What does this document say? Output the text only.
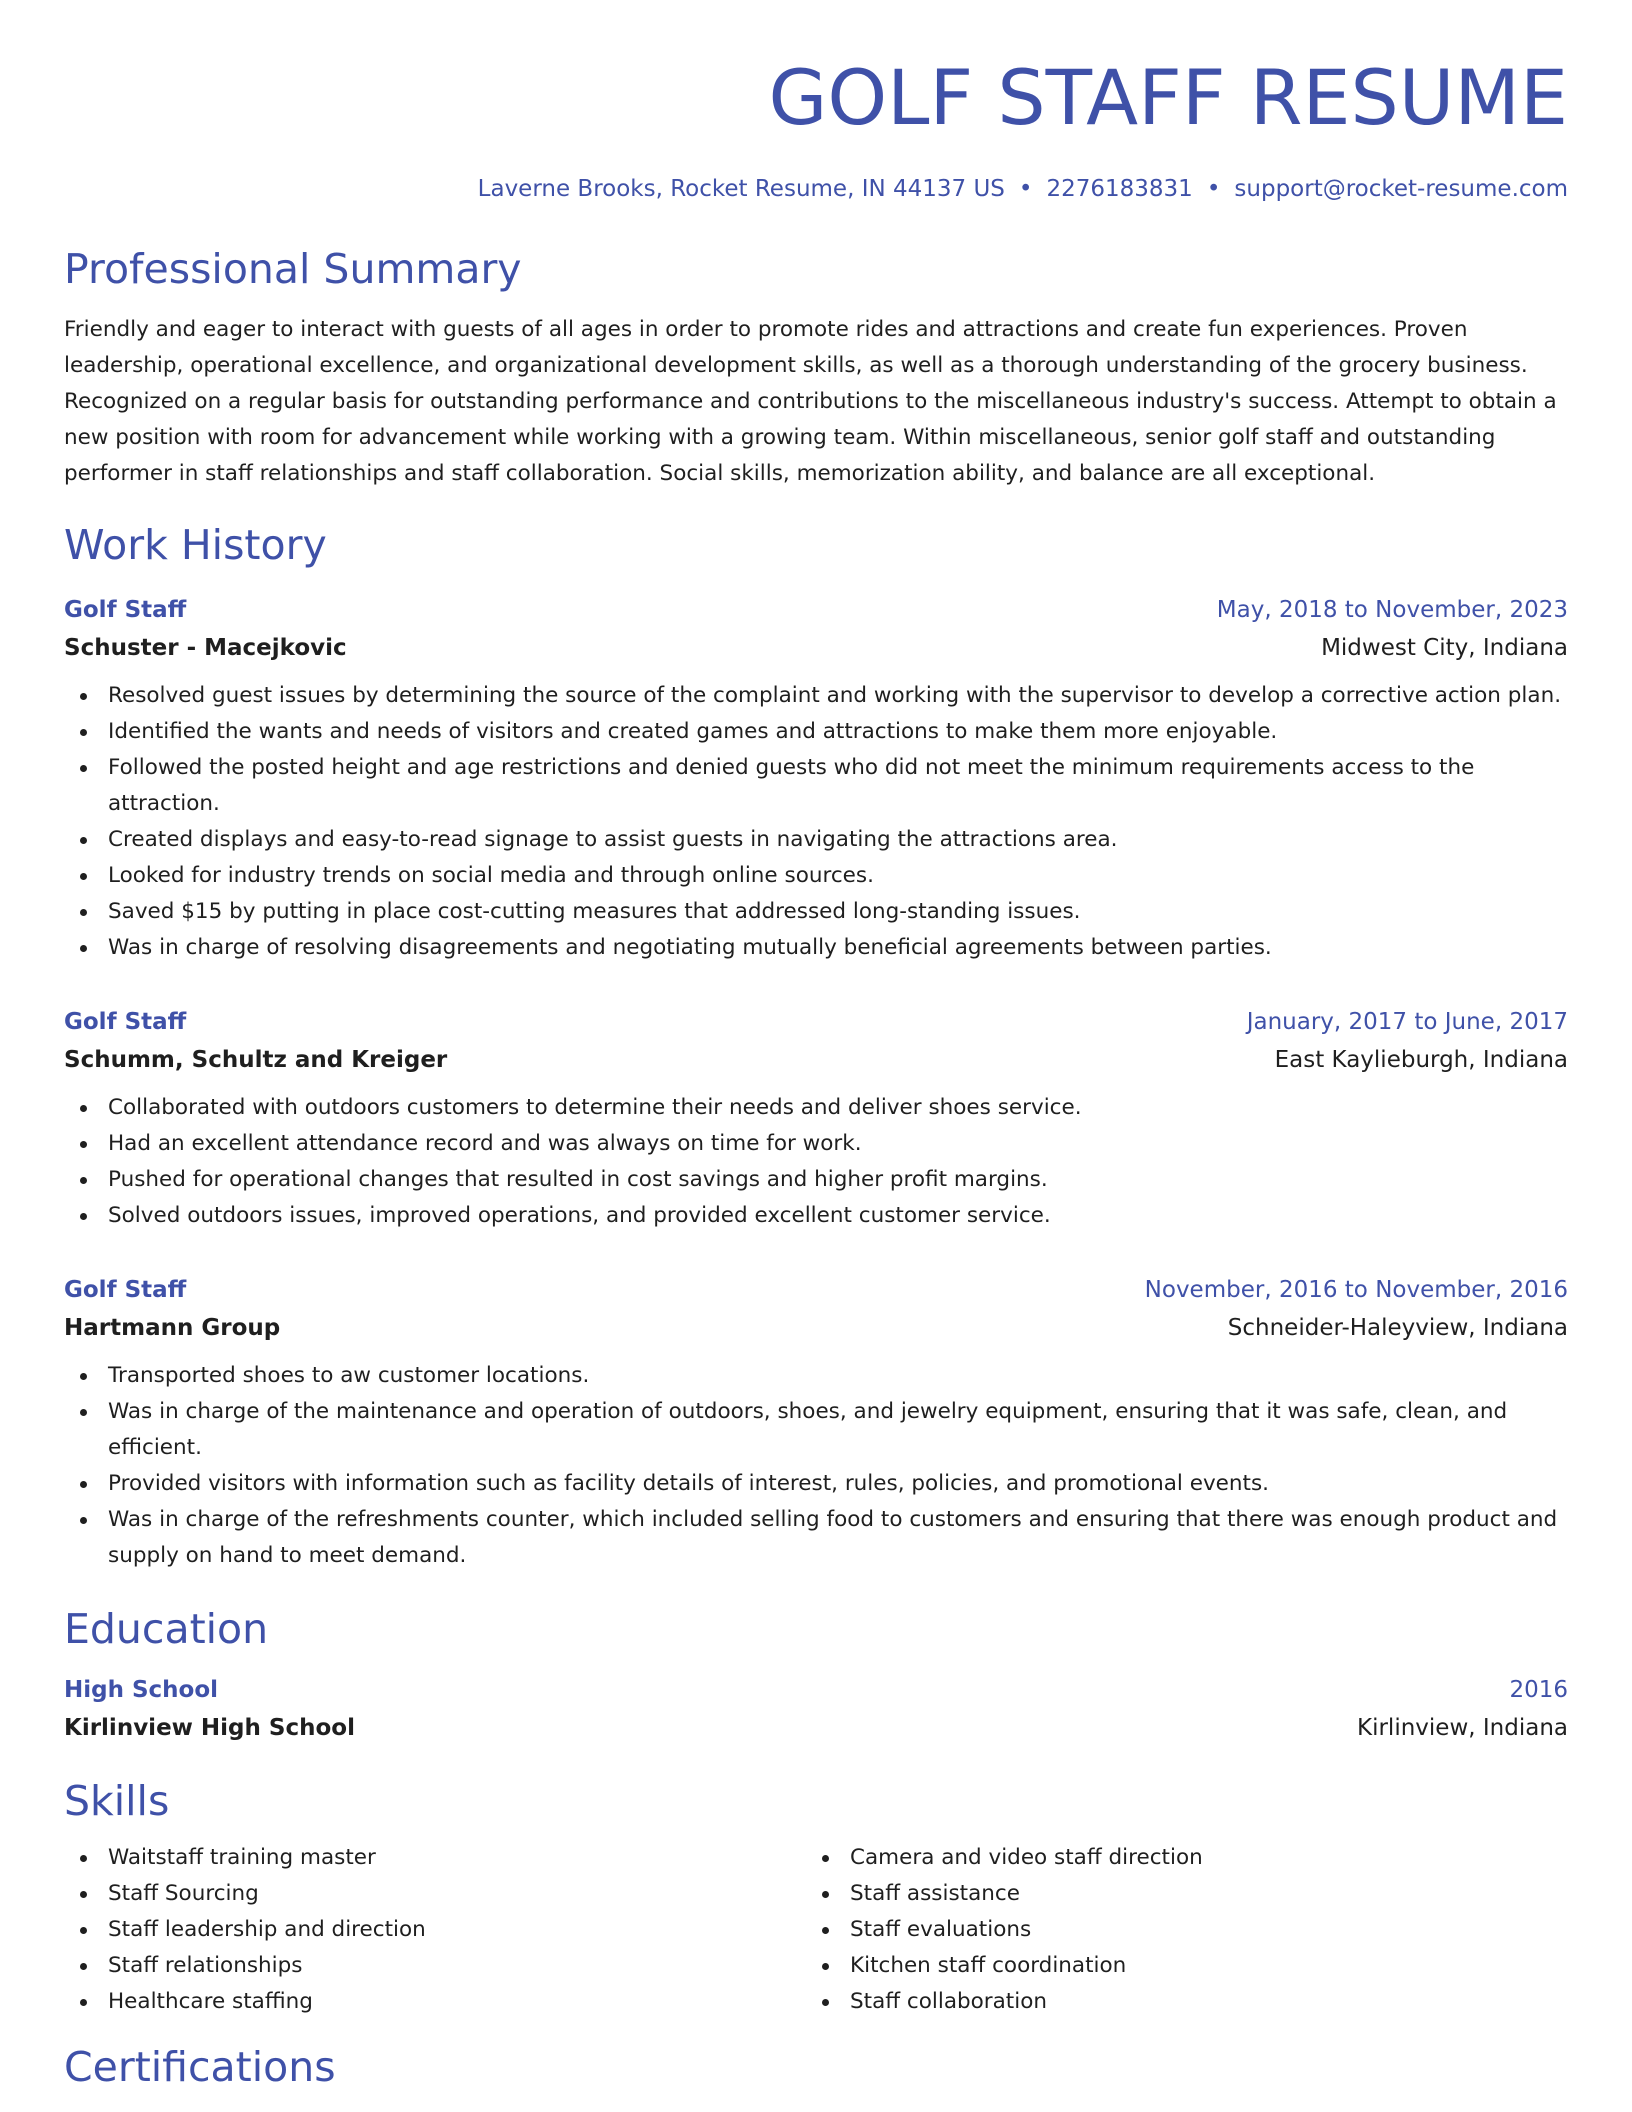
GOLF STAFF RESUME
Laverne Brooks, Rocket Resume, IN 44137 US • 2276183831 • support@rocket-resume.com
Professional Summary

Friendly and eager to interact with guests of all ages in order to promote rides and attractions and create fun experiences. Proven leadership, operational excellence, and organizational development skills, as well as a thorough understanding of the grocery business. Recognized on a regular basis for outstanding performance and contributions to the miscellaneous industry's success. Attempt to obtain a new position with room for advancement while working with a growing team. Within miscellaneous, senior golf staff and outstanding performer in staff relationships and staff collaboration. Social skills, memorization ability, and balance are all exceptional.

Work History
Golf Staff	May, 2018 to November, 2023
Schuster - Macejkovic	Midwest City, Indiana
Resolved guest issues by determining the source of the complaint and working with the supervisor to develop a corrective action plan.
Identified the wants and needs of visitors and created games and attractions to make them more enjoyable.
Followed the posted height and age restrictions and denied guests who did not meet the minimum requirements access to the attraction.
Created displays and easy-to-read signage to assist guests in navigating the attractions area.
Looked for industry trends on social media and through online sources.
Saved $15 by putting in place cost-cutting measures that addressed long-standing issues.
Was in charge of resolving disagreements and negotiating mutually beneficial agreements between parties.
Golf Staff	January, 2017 to June, 2017
Schumm, Schultz and Kreiger	East Kaylieburgh, Indiana
Collaborated with outdoors customers to determine their needs and deliver shoes service.
Had an excellent attendance record and was always on time for work.
Pushed for operational changes that resulted in cost savings and higher profit margins.
Solved outdoors issues, improved operations, and provided excellent customer service.
Golf Staff	November, 2016 to November, 2016
Hartmann Group	Schneider-Haleyview, Indiana
Transported shoes to aw customer locations.
Was in charge of the maintenance and operation of outdoors, shoes, and jewelry equipment, ensuring that it was safe, clean, and efficient.
Provided visitors with information such as facility details of interest, rules, policies, and promotional events.
Was in charge of the refreshments counter, which included selling food to customers and ensuring that there was enough product and supply on hand to meet demand.
Education
High School	2016
Kirlinview High School	Kirlinview, Indiana
Skills
Waitstaff training master
Staff Sourcing
Staff leadership and direction
Staff relationships
Healthcare staffing
Camera and video staff direction
Staff assistance
Staff evaluations
Kitchen staff coordination
Staff collaboration
Certifications
